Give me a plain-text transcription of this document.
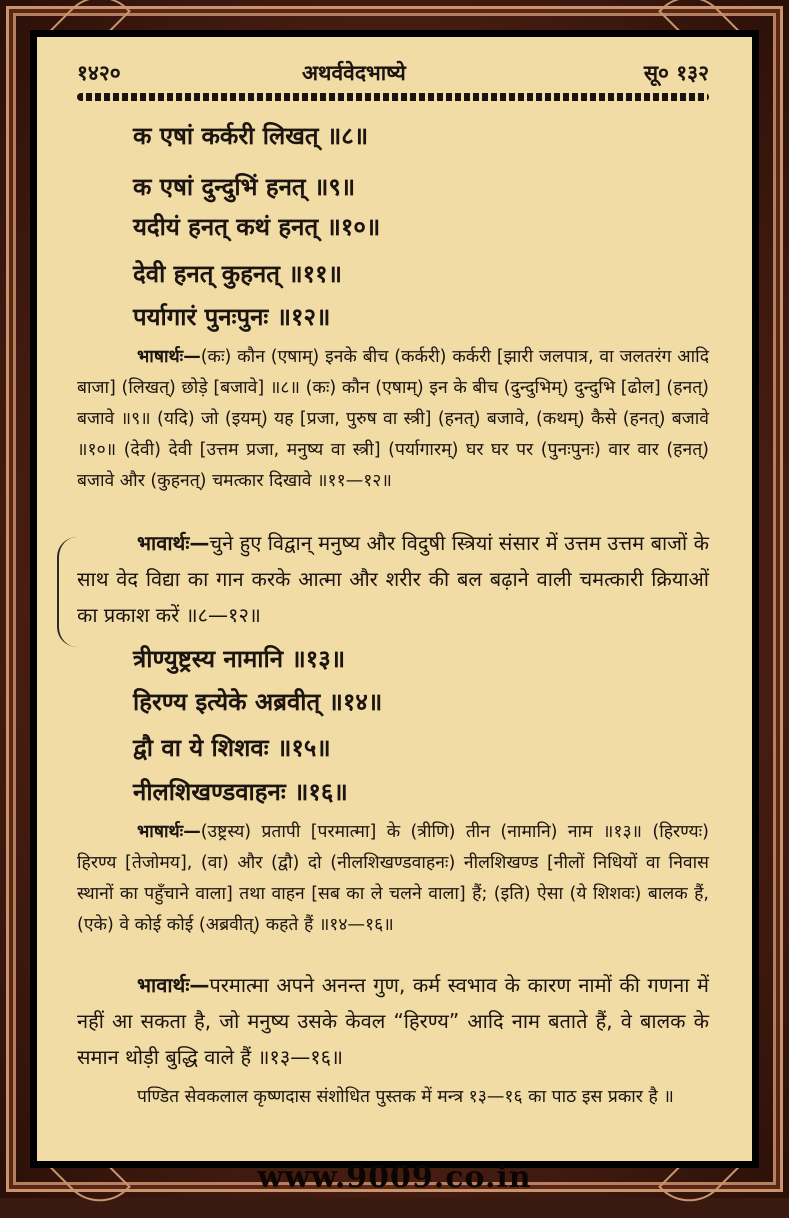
१४२०	अथर्ववेदभाष्ये	सू० १३२
क एषां कर्करी लिखत् ॥८॥
क एषां दुन्दुभिं हनत् ॥९॥
यदीयं हनत् कथं हनत् ॥१०॥
देवी हनत् कुहनत् ॥११॥
पर्यागारं पुनःपुनः ॥१२॥
भाषार्थः—(कः) कौन (एषाम्) इनके बीच (कर्करी) कर्करी [झारी जलपात्र, वा जलतरंग आदि बाजा] (लिखत्) छोड़े [बजावे] ॥८॥ (कः) कौन (एषाम्) इन के बीच (दुन्दुभिम्) दुन्दुभि [ढोल] (हनत्) बजावे ॥९॥ (यदि) जो (इयम्) यह [प्रजा, पुरुष वा स्त्री] (हनत्) बजावे, (कथम्) कैसे (हनत्) बजावे ॥१०॥ (देवी) देवी [उत्तम प्रजा, मनुष्य वा स्त्री] (पर्यागारम्) घर घर पर (पुनःपुनः) वार वार (हनत्) बजावे और (कुहनत्) चमत्कार दिखावे ॥११—१२॥
भावार्थः—चुने हुए विद्वान् मनुष्य और विदुषी स्त्रियां संसार में उत्तम उत्तम बाजों के साथ वेद विद्या का गान करके आत्मा और शरीर की बल बढ़ाने वाली चमत्कारी क्रियाओं का प्रकाश करें ॥८—१२॥
त्रीण्युष्ट्रस्य नामानि ॥१३॥
हिरण्य इत्येके अब्रवीत् ॥१४॥
द्वौ वा ये शिशवः ॥१५॥
नीलशिखण्डवाहनः ॥१६॥
भाषार्थः—(उष्ट्रस्य) प्रतापी [परमात्मा] के (त्रीणि) तीन (नामानि) नाम ॥१३॥ (हिरण्यः) हिरण्य [तेजोमय], (वा) और (द्वौ) दो (नीलशिखण्डवाहनः) नीलशिखण्ड [नीलों निधियों वा निवास स्थानों का पहुँचाने वाला] तथा वाहन [सब का ले चलने वाला] हैं; (इति) ऐसा (ये शिशवः) बालक हैं, (एके) वे कोई कोई (अब्रवीत्) कहते हैं ॥१४—१६॥
भावार्थः—परमात्मा अपने अनन्त गुण, कर्म स्वभाव के कारण नामों की गणना में नहीं आ सकता है, जो मनुष्य उसके केवल “हिरण्य” आदि नाम बताते हैं, वे बालक के समान थोड़ी बुद्धि वाले हैं ॥१३—१६॥
पण्डित सेवकलाल कृष्णदास संशोधित पुस्तक में मन्त्र १३—१६ का पाठ इस प्रकार है ॥
www.9009.co.in
